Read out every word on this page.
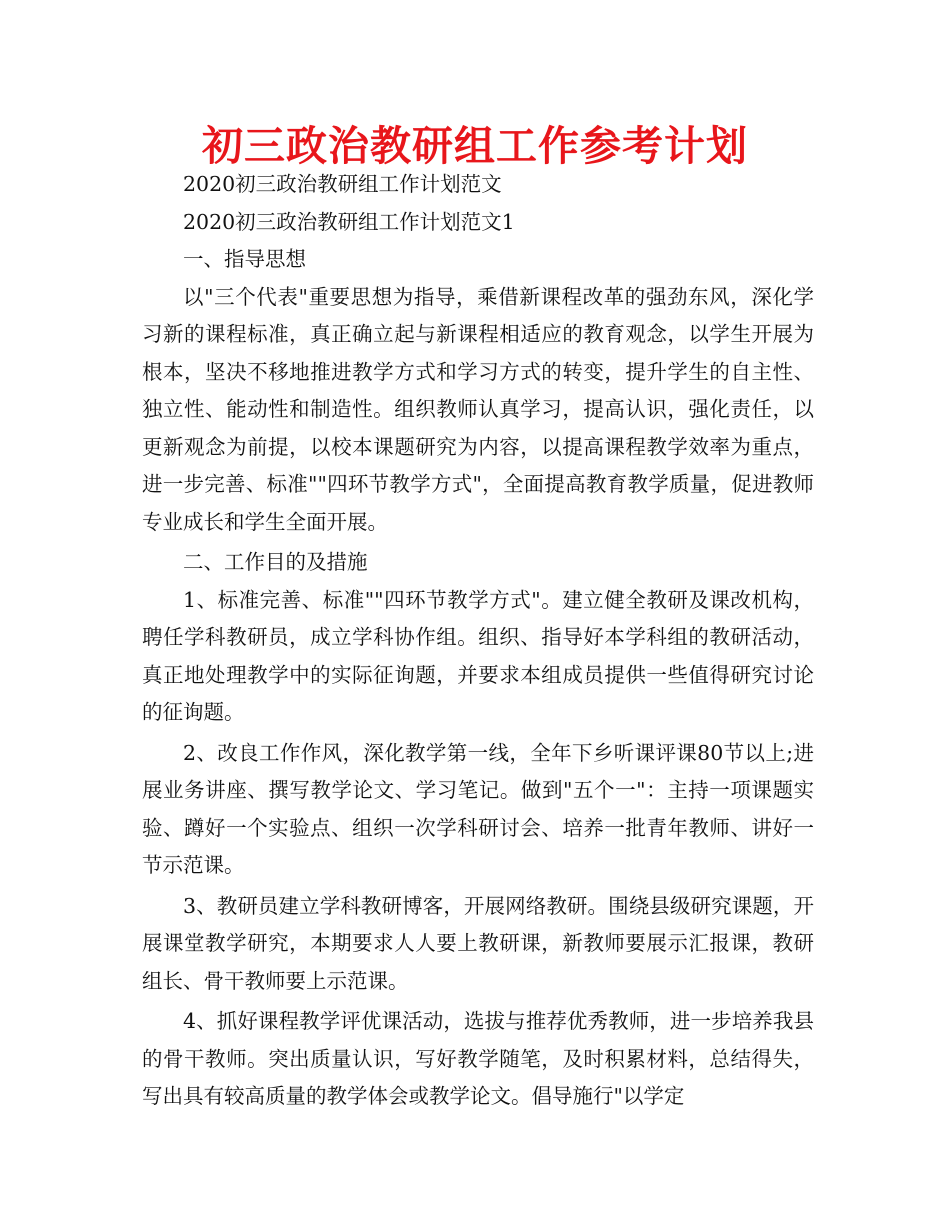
初三政治教研组工作参考计划

2020初三政治教研组工作计划范文

2020初三政治教研组工作计划范文1

一、指导思想

以"三个代表"重要思想为指导，乘借新课程改革的强劲东风，深化学习新的课程标准，真正确立起与新课程相适应的教育观念，以学生开展为根本，坚决不移地推进教学方式和学习方式的转变，提升学生的自主性、独立性、能动性和制造性。组织教师认真学习，提高认识，强化责任，以更新观念为前提，以校本课题研究为内容，以提高课程教学效率为重点，进一步完善、标准""四环节教学方式"，全面提高教育教学质量，促进教师专业成长和学生全面开展。

二、工作目的及措施

1、标准完善、标准""四环节教学方式"。建立健全教研及课改机构，聘任学科教研员，成立学科协作组。组织、指导好本学科组的教研活动，真正地处理教学中的实际征询题，并要求本组成员提供一些值得研究讨论的征询题。

2、改良工作作风，深化教学第一线，全年下乡听课评课80节以上;进展业务讲座、撰写教学论文、学习笔记。做到"五个一"：主持一项课题实验、蹲好一个实验点、组织一次学科研讨会、培养一批青年教师、讲好一节示范课。

3、教研员建立学科教研博客，开展网络教研。围绕县级研究课题，开展课堂教学研究，本期要求人人要上教研课，新教师要展示汇报课，教研组长、骨干教师要上示范课。

4、抓好课程教学评优课活动，选拔与推荐优秀教师，进一步培养我县的骨干教师。突出质量认识，写好教学随笔，及时积累材料，总结得失，写出具有较高质量的教学体会或教学论文。倡导施行"以学定
